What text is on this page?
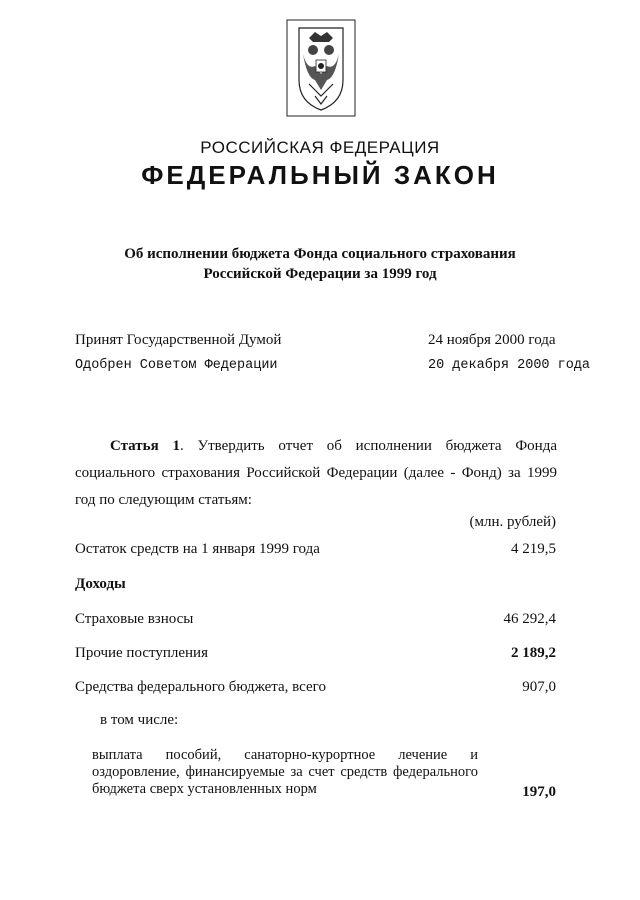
РОССИЙСКАЯ ФЕДЕРАЦИЯ
ФЕДЕРАЛЬНЫЙ ЗАКОН
Об исполнении бюджета Фонда социального страхования
Российской Федерации за 1999 год
Принят Государственной Думой	24 ноября 2000 года
Одобрен Советом Федерации	20 декабря 2000 года
Статья 1. Утвердить отчет об исполнении бюджета Фонда
социального страхования Российской Федерации (далее - Фонд) за 1999
год по следующим статьям:
(млн. рублей)
Остаток средств на 1 января 1999 года	4 219,5
Доходы
Страховые взносы	46 292,4
Прочие поступления	2 189,2
Средства федерального бюджета, всего	907,0
в том числе:
выплата пособий, санаторно-курортное лечение и оздоровление, финансируемые за счет средств федерального бюджета сверх установленных норм	197,0
